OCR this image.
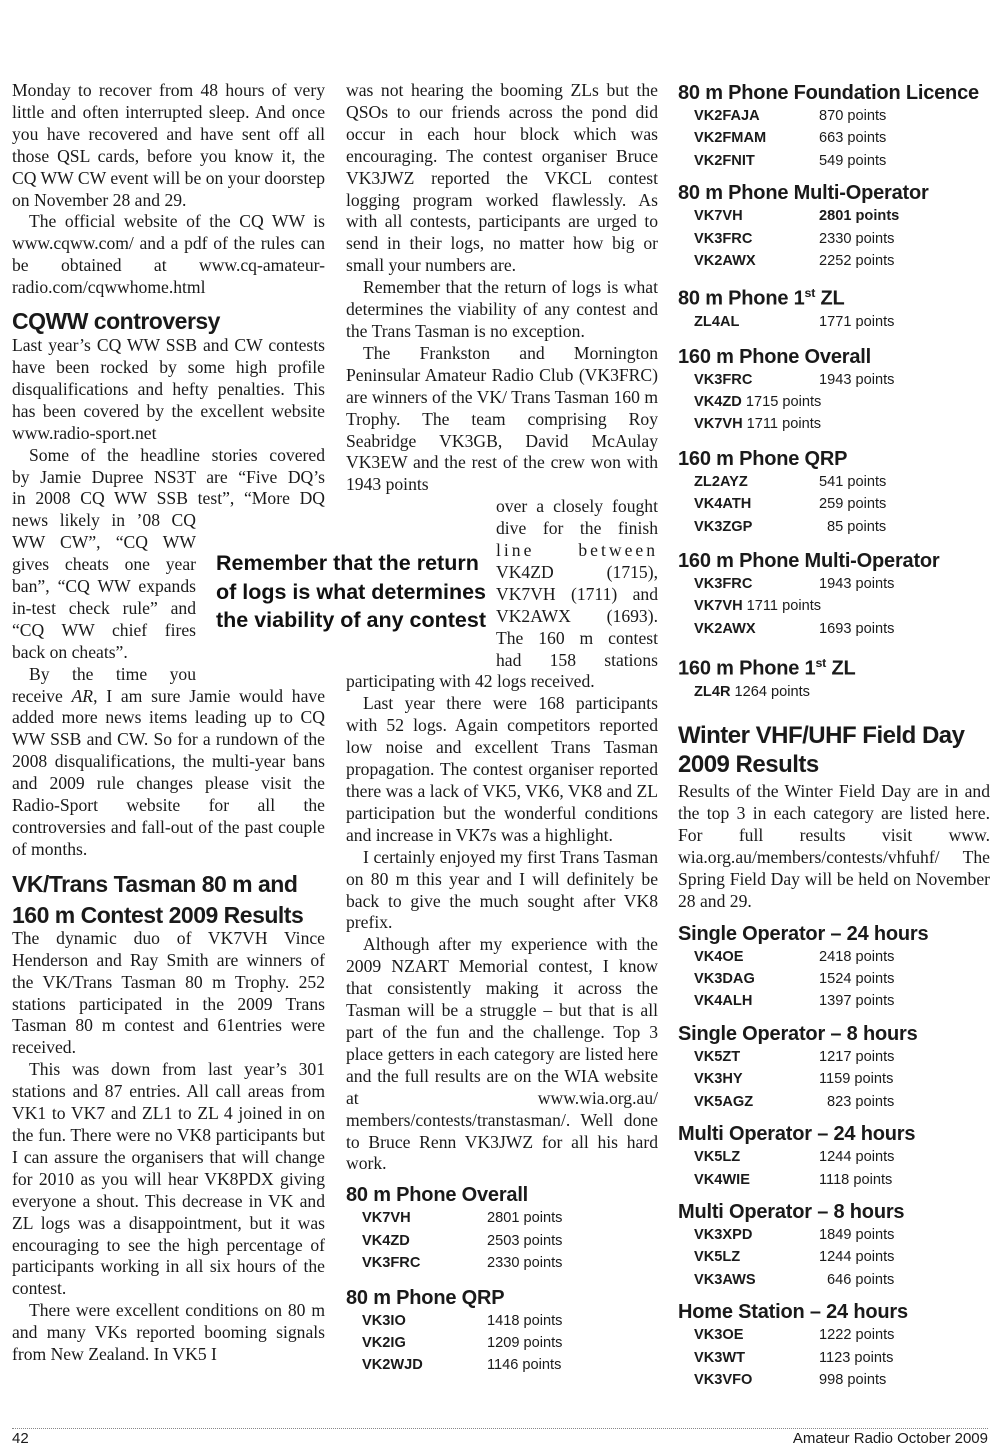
Monday to recover from 48 hours of very little and often interrupted sleep. And once you have recovered and have sent off all those QSL cards, before you know it, the CQ WW CW event will be on your doorstep on November 28 and 29.

The official website of the CQ WW is www.cqww.com/ and a pdf of the rules can be obtained at www.cq-amateur-radio.com/cqwwhome.html

CQWW controversy

Last year’s CQ WW SSB and CW contests have been rocked by some high profile disqualifications and hefty penalties. This has been covered by the excellent website www.radio-sport.net

Some of the headline stories covered
by Jamie Dupree NS3T are “Five DQ’s
in 2008 CQ WW SSB test”, “More DQ
news likely in ’08 CQ
WW CW”, “CQ WW
gives cheats one year
ban”, “CQ WW expands
in-test check rule” and
“CQ WW chief fires
back on cheats”.
By the time you

receive AR, I am sure Jamie would have added more news items leading up to CQ WW SSB and CW. So for a rundown of the 2008 disqualifications, the multi-year bans and 2009 rule changes please visit the Radio-Sport website for all the controversies and fall-out of the past couple of months.

VK/Trans Tasman 80 m and 160 m Contest 2009 Results

The dynamic duo of VK7VH Vince Henderson and Ray Smith are winners of the VK/Trans Tasman 80 m Trophy. 252 stations participated in the 2009 Trans Tasman 80 m contest and 61entries were received.

This was down from last year’s 301 stations and 87 entries. All call areas from VK1 to VK7 and ZL1 to ZL 4 joined in on the fun. There were no VK8 participants but I can assure the organisers that will change for 2010 as you will hear VK8PDX giving everyone a shout. This decrease in VK and ZL logs was a disappointment, but it was encouraging to see the high percentage of participants working in all six hours of the contest.

There were excellent conditions on 80 m and many VKs reported booming signals from New Zealand. In VK5 I

Remember that the return of logs is what determines the viability of any contest

was not hearing the booming ZLs but the QSOs to our friends across the pond did occur in each hour block which was encouraging. The contest organiser Bruce VK3JWZ reported the VKCL contest logging program worked flawlessly. As with all contests, participants are urged to send in their logs, no matter how big or small your numbers are.

Remember that the return of logs is what determines the viability of any contest and the Trans Tasman is no exception.

The Frankston and Mornington Peninsular Amateur Radio Club (VK3FRC) are winners of the VK/ Trans Tasman 160 m Trophy. The team comprising Roy Seabridge VK3GB, David McAulay VK3EW and the rest of the crew won with 1943 points

over a closely fought
dive for the finish
line between
VK4ZD (1715),
VK7VH (1711) and
VK2AWX (1693).
The 160 m contest
had 158 stations

participating with 42 logs received.

Last year there were 168 participants with 52 logs. Again competitors reported low noise and excellent Trans Tasman propagation. The contest organiser reported there was a lack of VK5, VK6, VK8 and ZL participation but the wonderful conditions and increase in VK7s was a highlight.

I certainly enjoyed my first Trans Tasman on 80 m this year and I will definitely be back to give the much sought after VK8 prefix.

Although after my experience with the 2009 NZART Memorial contest, I know that consistently making it across the Tasman will be a struggle – but that is all part of the fun and the challenge. Top 3 place getters in each category are listed here and the full results are on the WIA website at www.wia.org.au/ members/contests/transtasman/. Well done to Bruce Renn VK3JWZ for all his hard work.

80 m Phone Overall
VK7VH	2801 points
VK4ZD	2503 points
VK3FRC	2330 points
80 m Phone QRP
VK3IO	1418 points
VK2IG	1209 points
VK2WJD	1146 points
80 m Phone Foundation Licence
VK2FAJA	870 points
VK2FMAM	663 points
VK2FNIT	549 points
80 m Phone Multi-Operator
VK7VH	2801 points
VK3FRC	2330 points
VK2AWX	2252 points
80 m Phone 1st ZL
ZL4AL	1771 points
160 m Phone Overall
VK3FRC	1943 points
VK4ZD 1715 points
VK7VH 1711 points
160 m Phone QRP
ZL2AYZ	541 points
VK4ATH	259 points
VK3ZGP	85 points
160 m Phone Multi-Operator
VK3FRC	1943 points
VK7VH 1711 points
VK2AWX	1693 points
160 m Phone 1st ZL
ZL4R 1264 points
Winter VHF/UHF Field Day 2009 Results

Results of the Winter Field Day are in and the top 3 in each category are listed here. For full results visit www. wia.org.au/members/contests/vhfuhf/ The Spring Field Day will be held on November 28 and 29.

Single Operator – 24 hours
VK4OE	2418 points
VK3DAG	1524 points
VK4ALH	1397 points
Single Operator – 8 hours
VK5ZT	1217 points
VK3HY	1159 points
VK5AGZ	823 points
Multi Operator – 24 hours
VK5LZ	1244 points
VK4WIE	1118 points
Multi Operator – 8 hours
VK3XPD	1849 points
VK5LZ	1244 points
VK3AWS	646 points
Home Station – 24 hours
VK3OE	1222 points
VK3WT	1123 points
VK3VFO	998 points
42	Amateur Radio October 2009
